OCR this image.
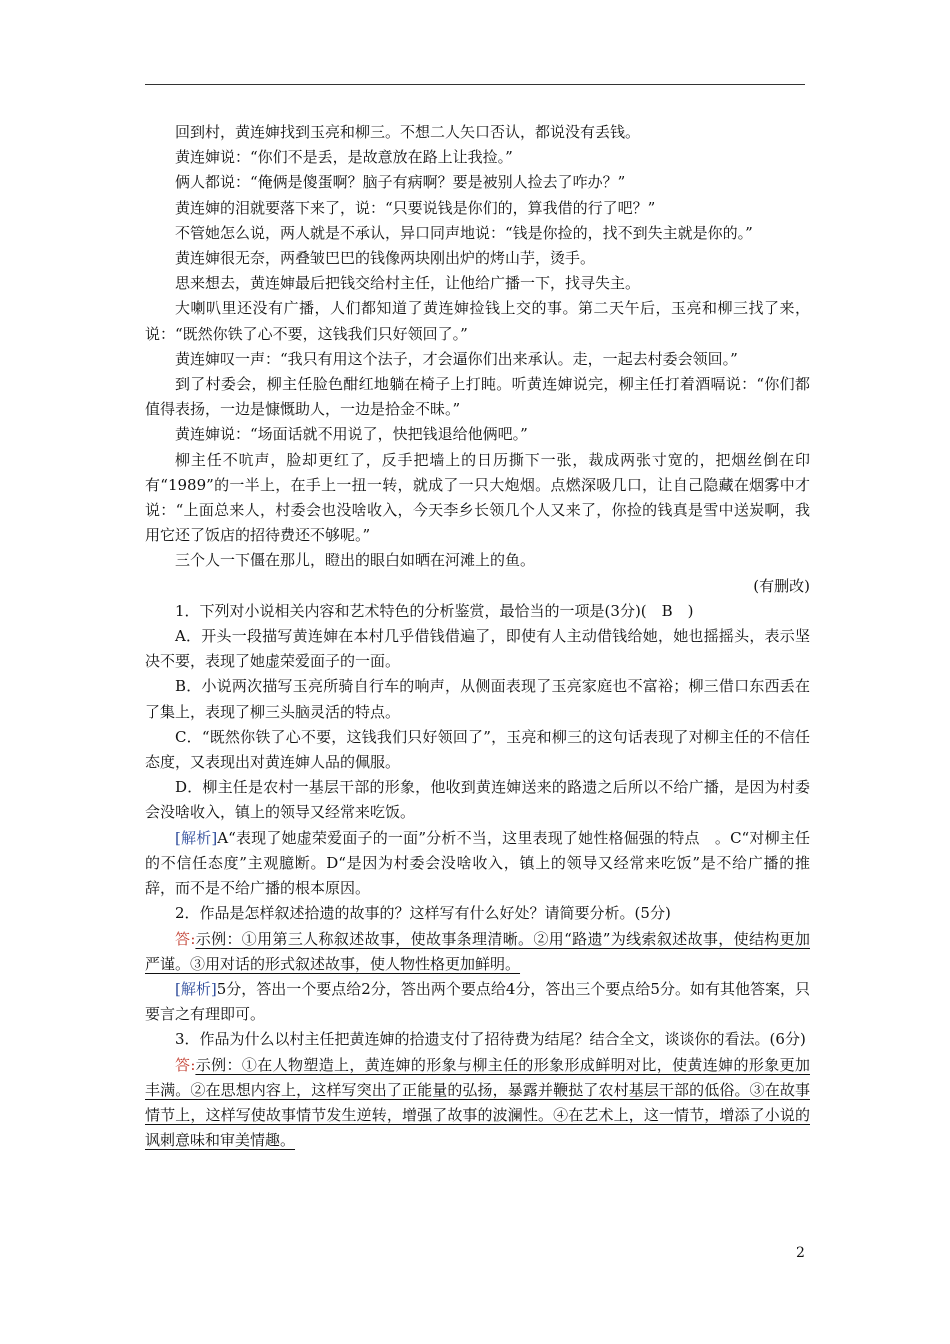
回到村，黄连婶找到玉亮和柳三。不想二人矢口否认，都说没有丢钱。

黄连婶说：“你们不是丢，是故意放在路上让我捡。”

俩人都说：“俺俩是傻蛋啊？脑子有病啊？要是被别人捡去了咋办？”

黄连婶的泪就要落下来了，说：“只要说钱是你们的，算我借的行了吧？”

不管她怎么说，两人就是不承认，异口同声地说：“钱是你捡的，找不到失主就是你的。”

黄连婶很无奈，两叠皱巴巴的钱像两块刚出炉的烤山芋，烫手。

思来想去，黄连婶最后把钱交给村主任，让他给广播一下，找寻失主。

大喇叭里还没有广播，人们都知道了黄连婶捡钱上交的事。第二天午后，玉亮和柳三找了来，说：“既然你铁了心不要，这钱我们只好领回了。”

黄连婶叹一声：“我只有用这个法子，才会逼你们出来承认。走，一起去村委会领回。”

到了村委会，柳主任脸色酣红地躺在椅子上打盹。听黄连婶说完，柳主任打着酒嗝说：“你们都值得表扬，一边是慷慨助人，一边是拾金不昧。”

黄连婶说：“场面话就不用说了，快把钱退给他俩吧。”

柳主任不吭声，脸却更红了，反手把墙上的日历撕下一张，裁成两张寸宽的，把烟丝倒在印有“1989”的一半上，在手上一扭一转，就成了一只大炮烟。点燃深吸几口，让自己隐藏在烟雾中才说：“上面总来人，村委会也没啥收入，今天李乡长领几个人又来了，你捡的钱真是雪中送炭啊，我用它还了饭店的招待费还不够呢。”

三个人一下僵在那儿，瞪出的眼白如晒在河滩上的鱼。

(有删改)

1．下列对小说相关内容和艺术特色的分析鉴赏，最恰当的一项是(3分)(　B　)

A．开头一段描写黄连婶在本村几乎借钱借遍了，即使有人主动借钱给她，她也摇摇头，表示坚决不要，表现了她虚荣爱面子的一面。

B．小说两次描写玉亮所骑自行车的响声，从侧面表现了玉亮家庭也不富裕；柳三借口东西丢在了集上，表现了柳三头脑灵活的特点。

C．“既然你铁了心不要，这钱我们只好领回了”，玉亮和柳三的这句话表现了对柳主任的不信任态度，又表现出对黄连婶人品的佩服。

D．柳主任是农村一基层干部的形象，他收到黄连婶送来的路遗之后所以不给广播，是因为村委会没啥收入，镇上的领导又经常来吃饭。

[解析]A“表现了她虚荣爱面子的一面”分析不当，这里表现了她性格倔强的特点　。C“对柳主任的不信任态度”主观臆断。D“是因为村委会没啥收入，镇上的领导又经常来吃饭”是不给广播的推辞，而不是不给广播的根本原因。

2．作品是怎样叙述拾遗的故事的？这样写有什么好处？请简要分析。(5分)

答:示例：①用第三人称叙述故事，使故事条理清晰。②用“路遗”为线索叙述故事，使结构更加严谨。③用对话的形式叙述故事，使人物性格更加鲜明。

[解析]5分，答出一个要点给2分，答出两个要点给4分，答出三个要点给5分。如有其他答案，只要言之有理即可。

3．作品为什么以村主任把黄连婶的拾遗支付了招待费为结尾？结合全文，谈谈你的看法。(6分)

答:示例：①在人物塑造上，黄连婶的形象与柳主任的形象形成鲜明对比，使黄连婶的形象更加丰满。②在思想内容上，这样写突出了正能量的弘扬，暴露并鞭挞了农村基层干部的低俗。③在故事情节上，这样写使故事情节发生逆转，增强了故事的波澜性。④在艺术上，这一情节，增添了小说的讽刺意味和审美情趣。

2
